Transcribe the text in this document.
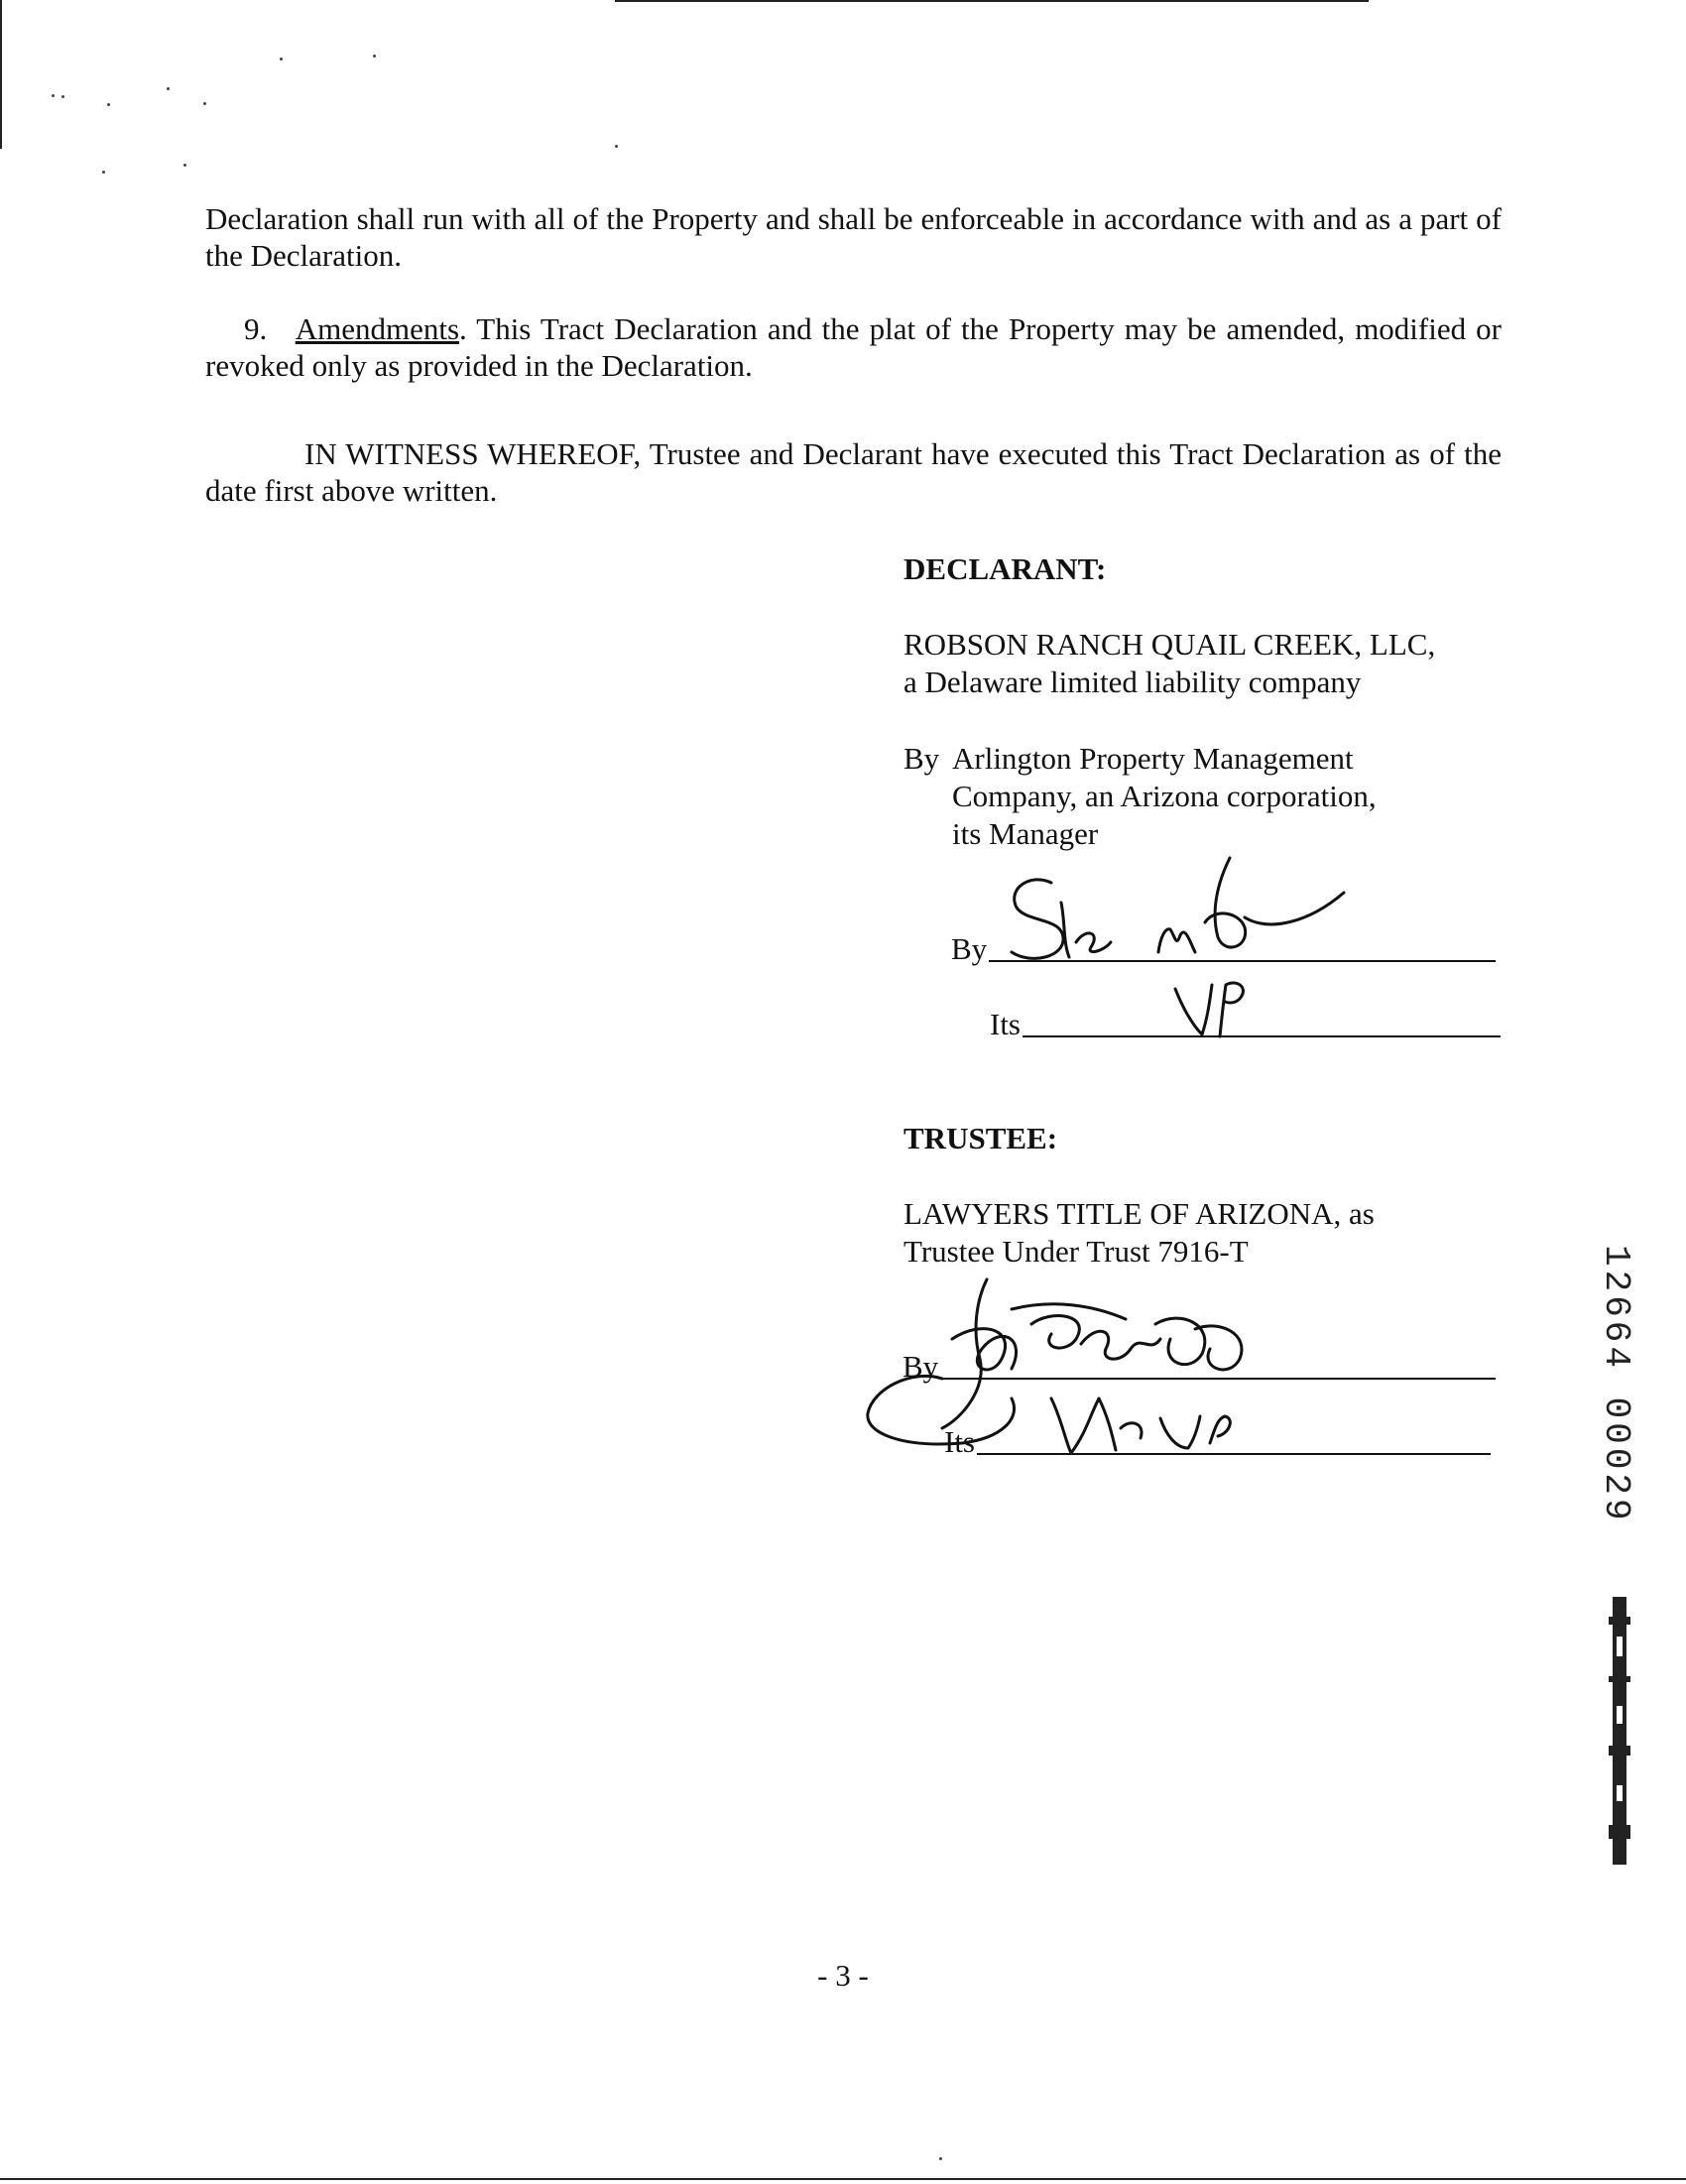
Declaration shall run with all of the Property and shall be enforceable in accordance with and as a part of the Declaration.

9. Amendments. This Tract Declaration and the plat of the Property may be amended, modified or revoked only as provided in the Declaration.

IN WITNESS WHEREOF, Trustee and Declarant have executed this Tract Declaration as of the date first above written.

DECLARANT:
ROBSON RANCH QUAIL CREEK, LLC,
a Delaware limited liability company
By Arlington Property Management
Company, an Arizona corporation,
its Manager
By
Its
TRUSTEE:
LAWYERS TITLE OF ARIZONA, as
Trustee Under Trust 7916-T
By
Its	12664 00029
- 3 -
